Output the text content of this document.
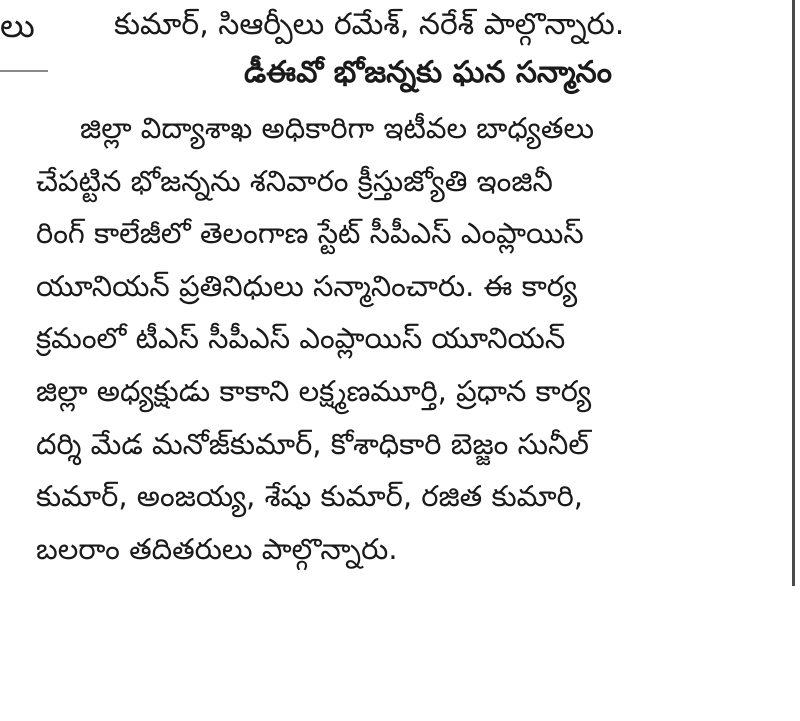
లు	కుమార్, సిఆర్పీలు రమేశ్, నరేశ్ పాల్గొన్నారు.

డీఈవో భోజన్నకు ఘన సన్మానం

జిల్లా విద్యాశాఖ అధికారిగా ఇటీవల బాధ్యతలు

చేపట్టిన భోజన్నను శనివారం క్రీస్తుజ్యోతి ఇంజినీ

రింగ్ కాలేజీలో తెలంగాణ స్టేట్ సీపీఎస్ ఎంప్లాయిస్

యూనియన్ ప్రతినిధులు సన్మానించారు. ఈ కార్య

క్రమంలో టీఎస్ సీపీఎస్ ఎంప్లాయిస్ యూనియన్

జిల్లా అధ్యక్షుడు కాకాని లక్ష్మణమూర్తి, ప్రధాన కార్య

దర్శి మేడ మనోజ్‌కుమార్, కోశాధికారి బెజ్జం సునీల్

కుమార్, అంజయ్య, శేషు కుమార్, రజిత కుమారి,

బలరాం తదితరులు పాల్గొన్నారు.
